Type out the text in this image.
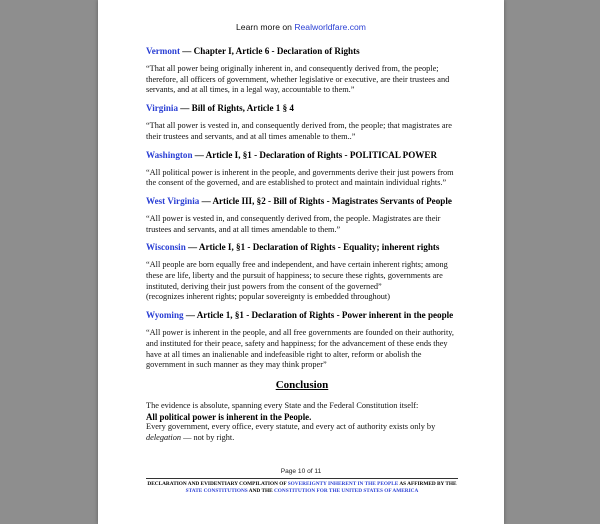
Learn more on Realworldfare.com
Vermont — Chapter I, Article 6 - Declaration of Rights
“That all power being originally inherent in, and consequently derived from, the people; therefore, all officers of government, whether legislative or executive, are their trustees and servants, and at all times, in a legal way, accountable to them.”
Virginia — Bill of Rights, Article 1 § 4
“That all power is vested in, and consequently derived from, the people; that magistrates are their trustees and servants, and at all times amenable to them..”
Washington — Article I, §1 - Declaration of Rights - POLITICAL POWER
“All political power is inherent in the people, and governments derive their just powers from the consent of the governed, and are established to protect and maintain individual rights.”
West Virginia — Article III, §2 - Bill of Rights - Magistrates Servants of People
“All power is vested in, and consequently derived from, the people. Magistrates are their trustees and servants, and at all times amendable to them.”
Wisconsin — Article I, §1 - Declaration of Rights - Equality; inherent rights
“All people are born equally free and independent, and have certain inherent rights; among these are life, liberty and the pursuit of happiness; to secure these rights, governments are instituted, deriving their just powers from the consent of the governed”
(recognizes inherent rights; popular sovereignty is embedded throughout)
Wyoming — Article 1, §1 - Declaration of Rights - Power inherent in the people
“All power is inherent in the people, and all free governments are founded on their authority, and instituted for their peace, safety and happiness; for the advancement of these ends they have at all times an inalienable and indefeasible right to alter, reform or abolish the government in such manner as they may think proper”
Conclusion
The evidence is absolute, spanning every State and the Federal Constitution itself:
All political power is inherent in the People.
Every government, every office, every statute, and every act of authority exists only by delegation — not by right.
Page 10 of 11
DECLARATION AND EVIDENTIARY COMPILATION OF SOVEREIGNTY INHERENT IN THE PEOPLE AS AFFIRMED BY THE
STATE CONSTITUTIONS AND THE CONSTITUTION FOR THE UNITED STATES OF AMERICA
